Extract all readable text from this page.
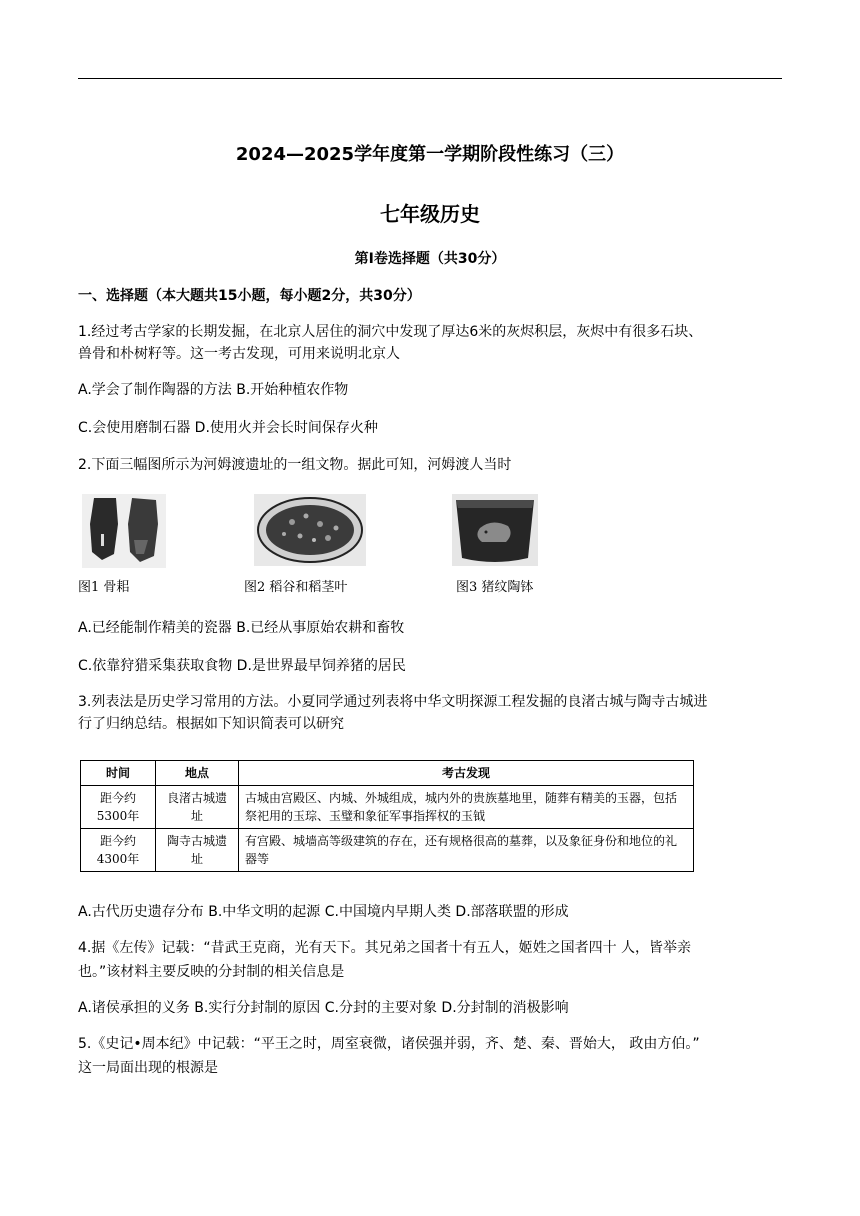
2024—2025学年度第一学期阶段性练习（三）
七年级历史
第Ⅰ卷选择题（共30分）
一、选择题（本大题共15小题，每小题2分，共30分）
1.经过考古学家的长期发掘，在北京人居住的洞穴中发现了厚达6米的灰烬积层，灰烬中有很多石块、
兽骨和朴树籽等。这一考古发现，可用来说明北京人
A.学会了制作陶器的方法 B.开始种植农作物
C.会使用磨制石器 D.使用火并会长时间保存火种
2.下面三幅图所示为河姆渡遗址的一组文物。据此可知，河姆渡人当时
图1 骨耜	图2 稻谷和稻茎叶	图3 猪纹陶钵
A.已经能制作精美的瓷器 B.已经从事原始农耕和畜牧
C.依靠狩猎采集获取食物 D.是世界最早饲养猪的居民
3.列表法是历史学习常用的方法。小夏同学通过列表将中华文明探源工程发掘的良渚古城与陶寺古城进
行了归纳总结。根据如下知识简表可以研究
时间	地点	考古发现
距今约5300年	良渚古城遗址	古城由宫殿区、内城、外城组成，城内外的贵族墓地里，随葬有精美的玉器，包括祭祀用的玉琮、玉璧和象征军事指挥权的玉钺
距今约4300年	陶寺古城遗址	有宫殿、城墙高等级建筑的存在，还有规格很高的墓葬，以及象征身份和地位的礼器等
A.古代历史遗存分布 B.中华文明的起源 C.中国境内早期人类 D.部落联盟的形成
4.据《左传》记载：“昔武王克商，光有天下。其兄弟之国者十有五人，姬姓之国者四十 人，皆举亲
也。”该材料主要反映的分封制的相关信息是
A.诸侯承担的义务 B.实行分封制的原因 C.分封的主要对象 D.分封制的消极影响
5.《史记•周本纪》中记载：“平王之时，周室衰微，诸侯强并弱，齐、楚、秦、晋始大， 政由方伯。”
这一局面出现的根源是
